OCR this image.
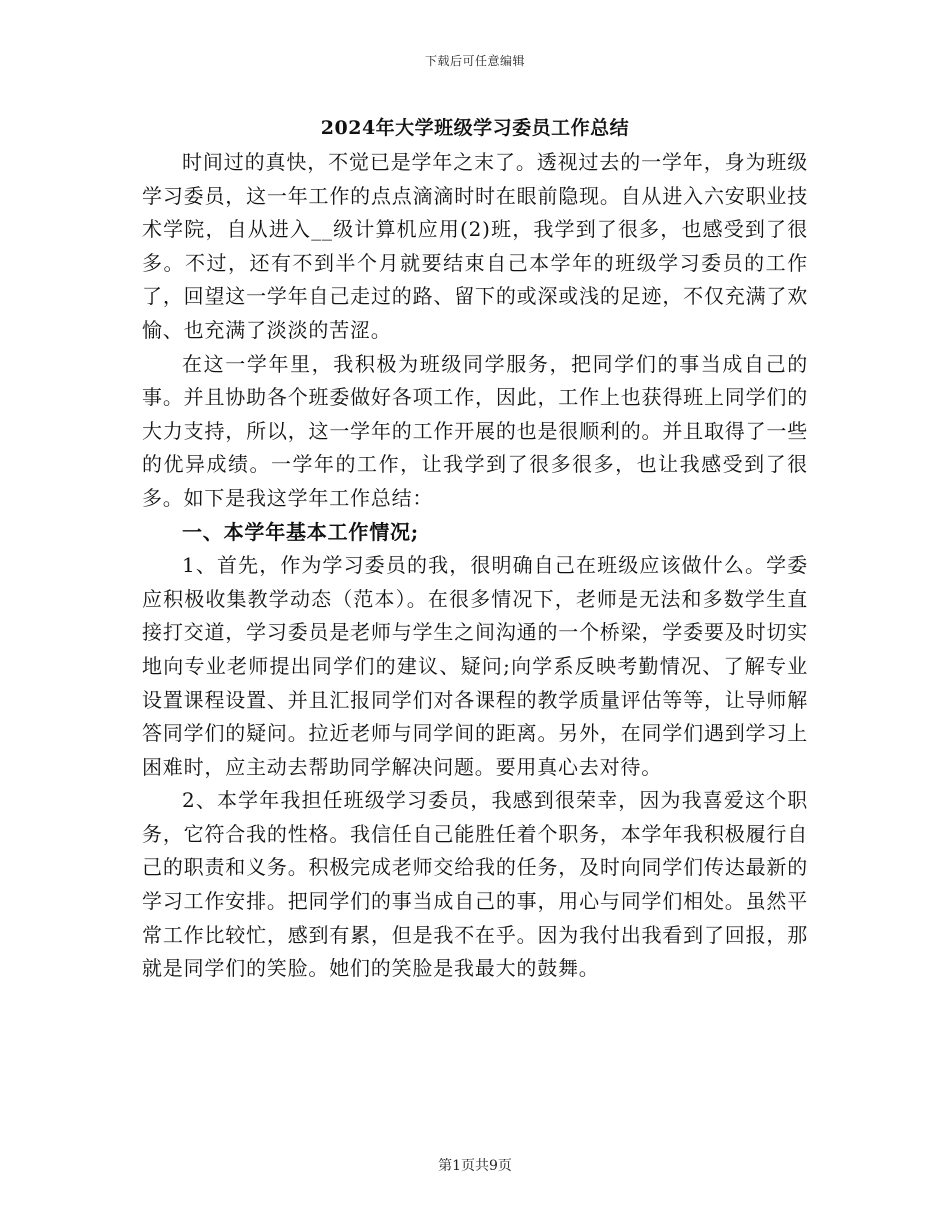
下载后可任意编辑
2024年大学班级学习委员工作总结

时间过的真快，不觉已是学年之末了。透视过去的一学年，身为班级学习委员，这一年工作的点点滴滴时时在眼前隐现。自从进入六安职业技术学院，自从进入__级计算机应用(2)班，我学到了很多，也感受到了很多。不过，还有不到半个月就要结束自己本学年的班级学习委员的工作了，回望这一学年自己走过的路、留下的或深或浅的足迹，不仅充满了欢愉、也充满了淡淡的苦涩。

在这一学年里，我积极为班级同学服务，把同学们的事当成自己的事。并且协助各个班委做好各项工作，因此，工作上也获得班上同学们的大力支持，所以，这一学年的工作开展的也是很顺利的。并且取得了一些的优异成绩。一学年的工作，让我学到了很多很多，也让我感受到了很多。如下是我这学年工作总结：

一、本学年基本工作情况;

1、首先，作为学习委员的我，很明确自己在班级应该做什么。学委应积极收集教学动态（范本）。在很多情况下，老师是无法和多数学生直接打交道，学习委员是老师与学生之间沟通的一个桥梁，学委要及时切实地向专业老师提出同学们的建议、疑问;向学系反映考勤情况、了解专业设置课程设置、并且汇报同学们对各课程的教学质量评估等等，让导师解答同学们的疑问。拉近老师与同学间的距离。另外，在同学们遇到学习上困难时，应主动去帮助同学解决问题。要用真心去对待。

2、本学年我担任班级学习委员，我感到很荣幸，因为我喜爱这个职务，它符合我的性格。我信任自己能胜任着个职务，本学年我积极履行自己的职责和义务。积极完成老师交给我的任务，及时向同学们传达最新的学习工作安排。把同学们的事当成自己的事，用心与同学们相处。虽然平常工作比较忙，感到有累，但是我不在乎。因为我付出我看到了回报，那就是同学们的笑脸。她们的笑脸是我最大的鼓舞。

第1页共9页
